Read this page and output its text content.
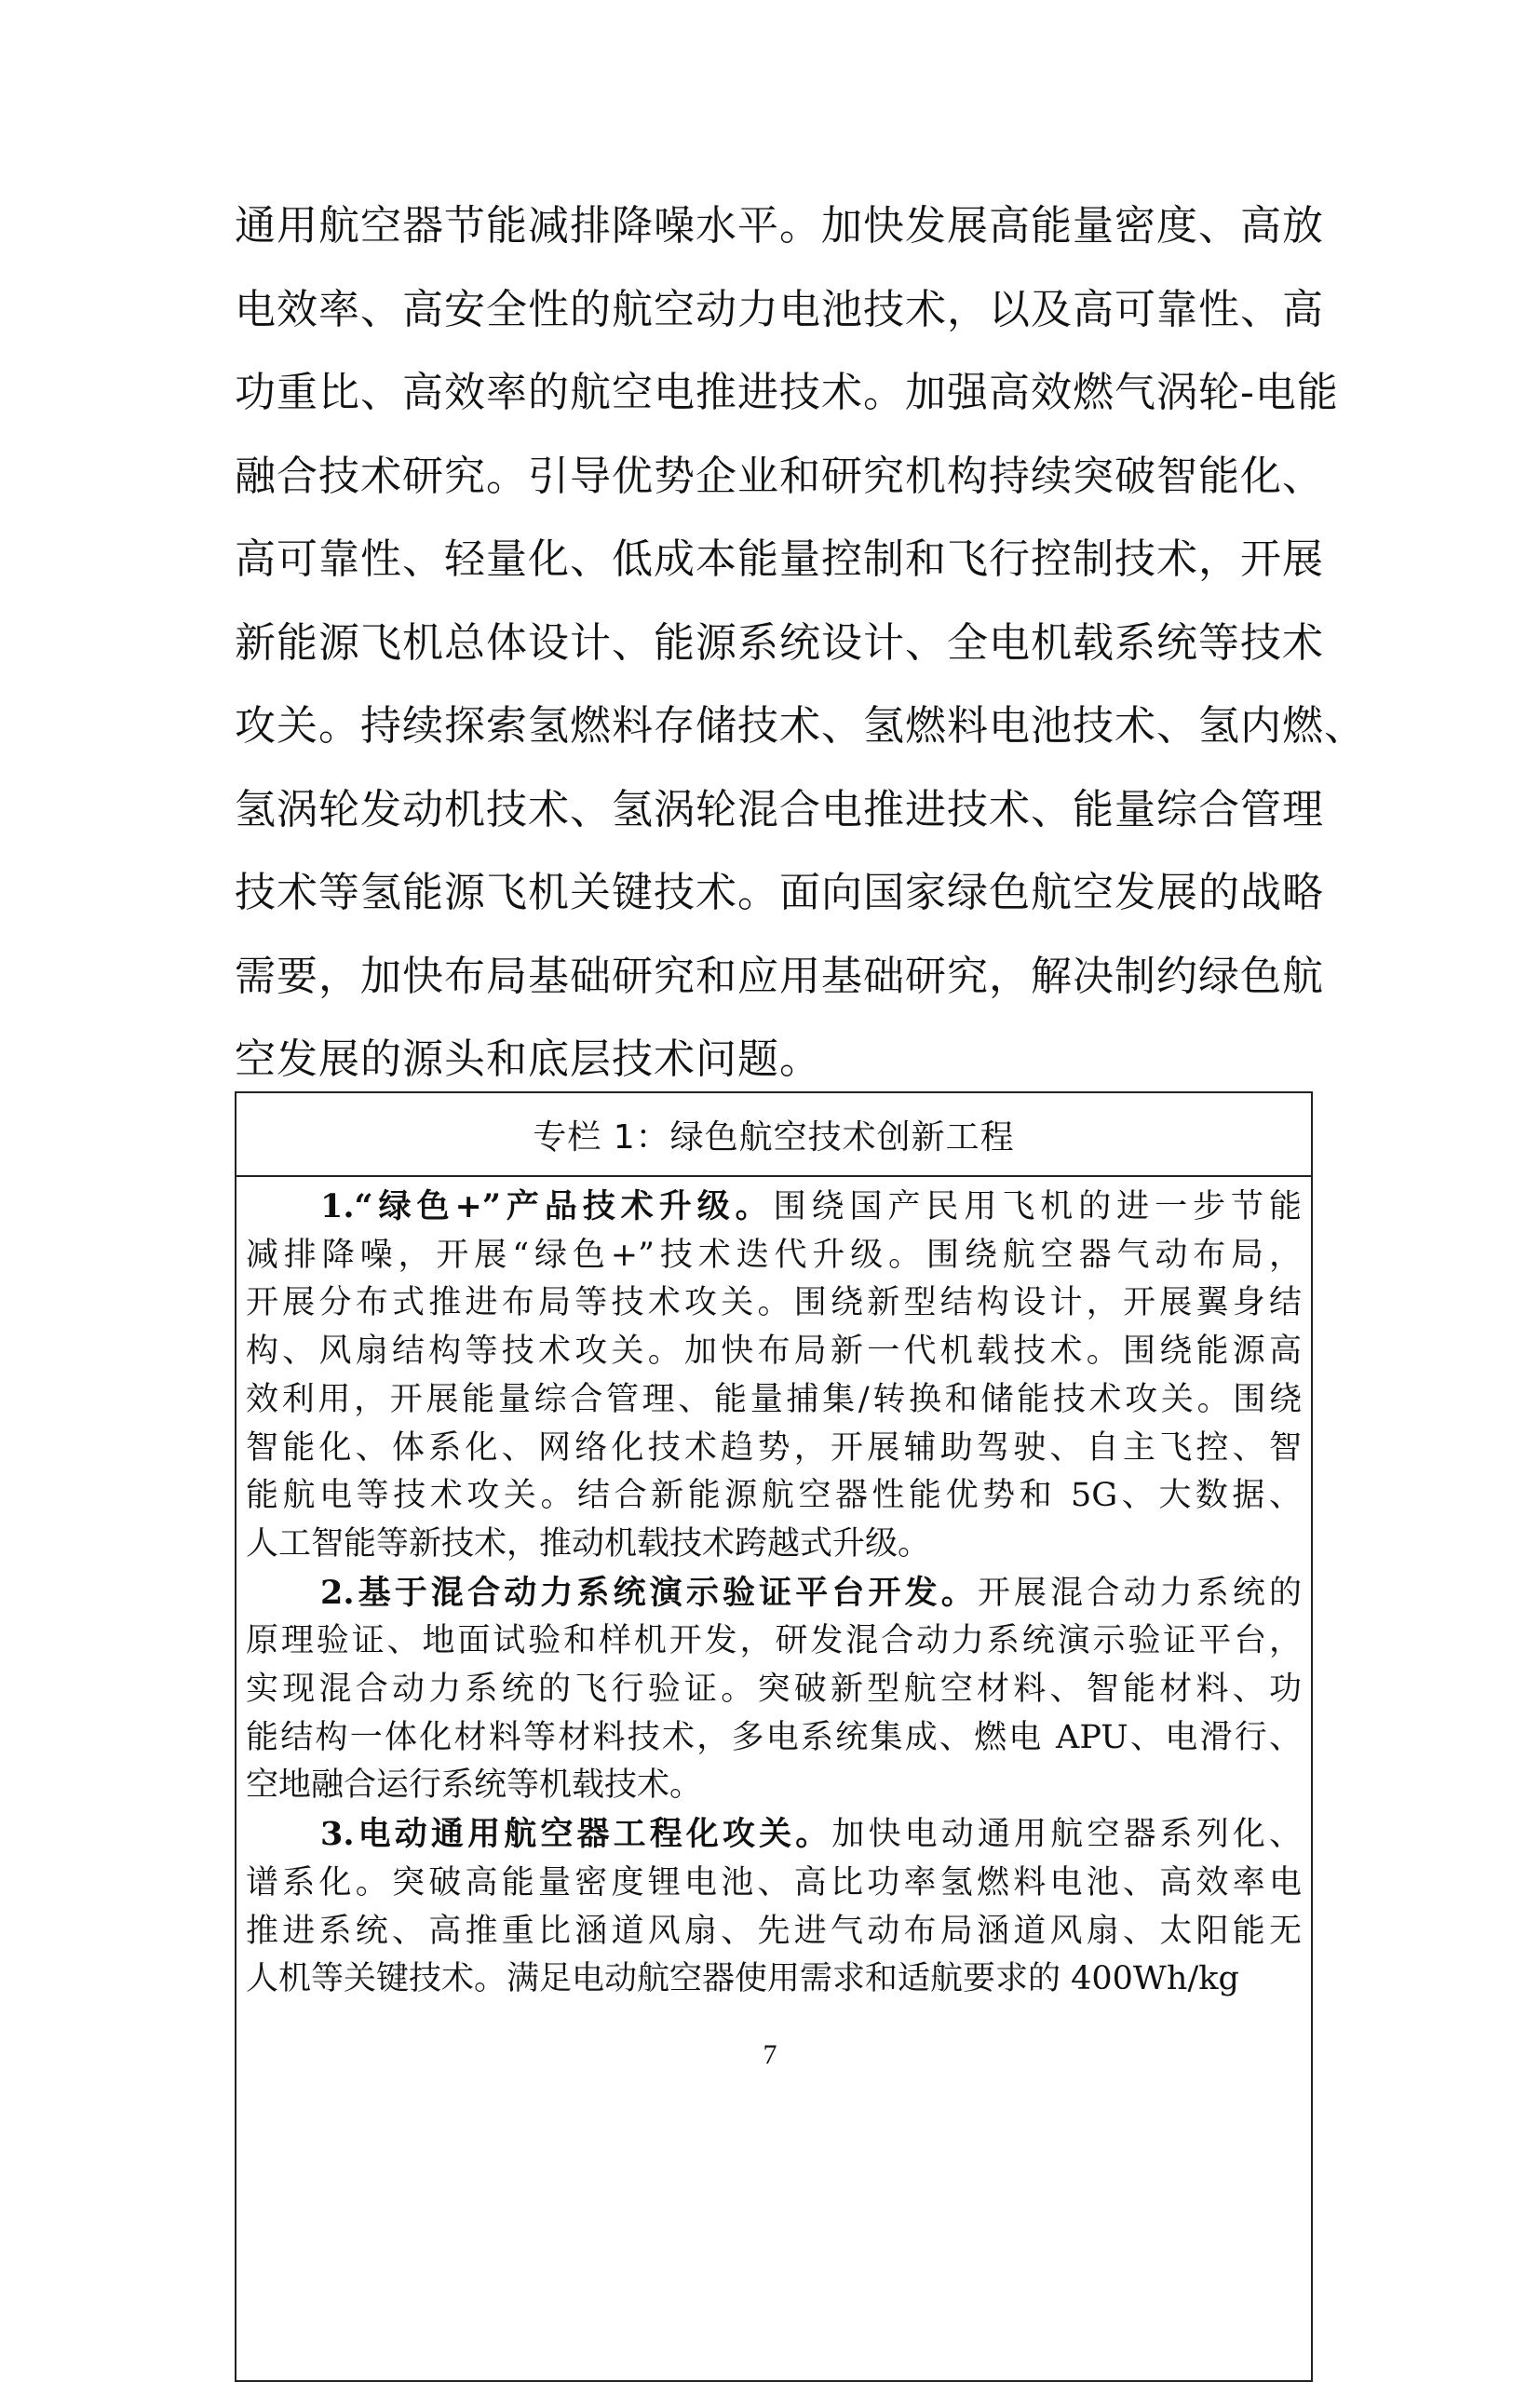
通用航空器节能减排降噪水平。加快发展高能量密度、高放
电效率、高安全性的航空动力电池技术，以及高可靠性、高
功重比、高效率的航空电推进技术。加强高效燃气涡轮-电能
融合技术研究。引导优势企业和研究机构持续突破智能化、
高可靠性、轻量化、低成本能量控制和飞行控制技术，开展
新能源飞机总体设计、能源系统设计、全电机载系统等技术
攻关。持续探索氢燃料存储技术、氢燃料电池技术、氢内燃、
氢涡轮发动机技术、氢涡轮混合电推进技术、能量综合管理
技术等氢能源飞机关键技术。面向国家绿色航空发展的战略
需要，加快布局基础研究和应用基础研究，解决制约绿色航
空发展的源头和底层技术问题。
专栏 1：绿色航空技术创新工程
1.“绿色+”产品技术升级。围绕国产民用飞机的进一步节能
减排降噪，开展“绿色+”技术迭代升级。围绕航空器气动布局，
开展分布式推进布局等技术攻关。围绕新型结构设计，开展翼身结
构、风扇结构等技术攻关。加快布局新一代机载技术。围绕能源高
效利用，开展能量综合管理、能量捕集/转换和储能技术攻关。围绕
智能化、体系化、网络化技术趋势，开展辅助驾驶、自主飞控、智
能航电等技术攻关。结合新能源航空器性能优势和 5G、大数据、
人工智能等新技术，推动机载技术跨越式升级。
2.基于混合动力系统演示验证平台开发。开展混合动力系统的
原理验证、地面试验和样机开发，研发混合动力系统演示验证平台，
实现混合动力系统的飞行验证。突破新型航空材料、智能材料、功
能结构一体化材料等材料技术，多电系统集成、燃电 APU、电滑行、
空地融合运行系统等机载技术。
3.电动通用航空器工程化攻关。加快电动通用航空器系列化、
谱系化。突破高能量密度锂电池、高比功率氢燃料电池、高效率电
推进系统、高推重比涵道风扇、先进气动布局涵道风扇、太阳能无
人机等关键技术。满足电动航空器使用需求和适航要求的 400Wh/kg
7
